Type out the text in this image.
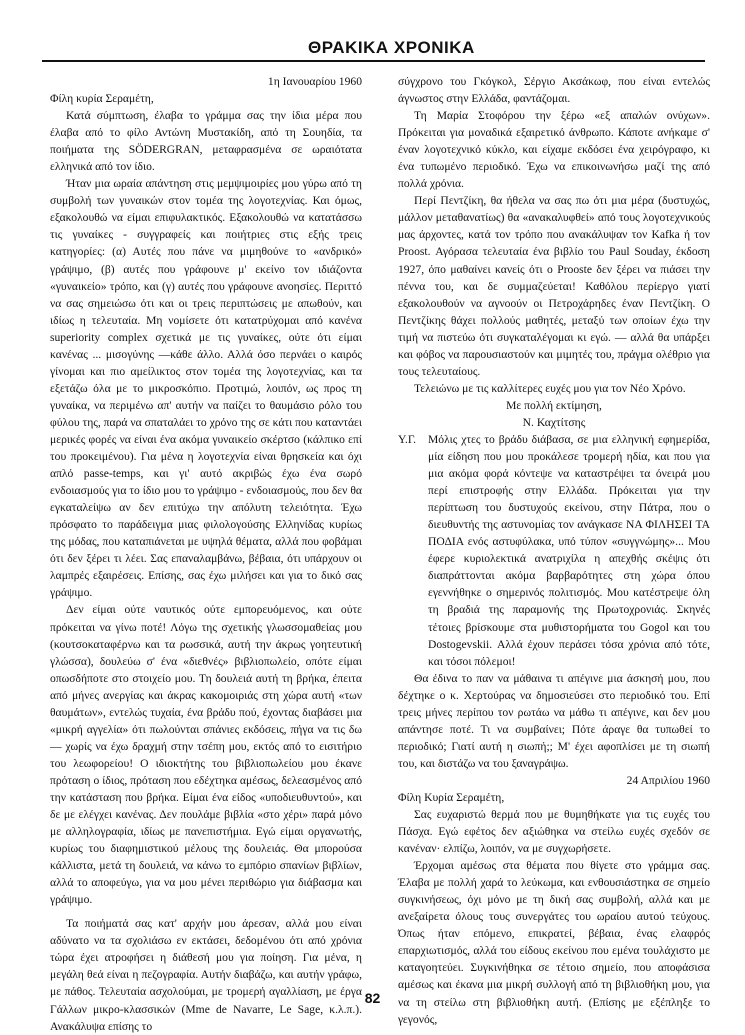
ΘΡΑΚΙΚΑ ΧΡΟΝΙΚΑ

1η Ιανουαρίου 1960

Φίλη κυρία Σεραμέτη,

Κατά σύμπτωση, έλαβα το γράμμα σας την ίδια μέρα που έλαβα από το φίλο Αντώνη Μυστακίδη, από τη Σουηδία, τα ποιήματα της SÖDERGRAN, μεταφρασμένα σε ωραιότατα ελληνικά από τον ίδιο.

Ήταν μια ωραία απάντηση στις μεμψιμοιρίες μου γύρω από τη συμβολή των γυναικών στον τομέα της λογοτεχνίας. Και όμως, εξακολουθώ να είμαι επιφυλακτικός. Εξακολουθώ να κατατάσσω τις γυναίκες - συγγραφείς και ποιήτριες στις εξής τρεις κατηγορίες: (α) Αυτές που πάνε να μιμηθούνε το «ανδρικό» γράψιμο, (β) αυτές που γράφουνε μ' εκείνο τον ιδιάζοντα «γυναικείο» τρόπο, και (γ) αυτές που γράφουνε ανοησίες. Περιττό να σας σημειώσω ότι και οι τρεις περιπτώσεις με απωθούν, και ιδίως η τελευταία. Μη νομίσετε ότι κατατρύχομαι από κανένα superiority complex σχετικά με τις γυναίκες, ούτε ότι είμαι κανένας ... μισογύνης —κάθε άλλο. Αλλά όσο περνάει ο καιρός γίνομαι και πιο αμείλικτος στον τομέα της λογοτεχνίας, και τα εξετάζω όλα με το μικροσκόπιο. Προτιμώ, λοιπόν, ως προς τη γυναίκα, να περιμένω απ' αυτήν να παίζει το θαυμάσιο ρόλο του φύλου της, παρά να σπαταλάει το χρόνο της σε κάτι που καταντάει μερικές φορές να είναι ένα ακόμα γυναικείο σκέρτσο (κάλπικο επί του προκειμένου). Για μένα η λογοτεχνία είναι θρησκεία και όχι απλό passe-temps, και γι' αυτό ακριβώς έχω ένα σωρό ενδοιασμούς για το ίδιο μου το γράψιμο - ενδοιασμούς, που δεν θα εγκαταλείψω αν δεν επιτύχω την απόλυτη τελειότητα. Έχω πρόσφατο το παράδειγμα μιας φιλολογούσης Ελληνίδας κυρίως της μόδας, που καταπιάνεται με υψηλά θέματα, αλλά που φοβάμαι ότι δεν ξέρει τι λέει. Σας επαναλαμβάνω, βέβαια, ότι υπάρχουν οι λαμπρές εξαιρέσεις. Επίσης, σας έχω μιλήσει και για το δικό σας γράψιμο.

Δεν είμαι ούτε ναυτικός ούτε εμπορευόμενος, και ούτε πρόκειται να γίνω ποτέ! Λόγω της σχετικής γλωσσομαθείας μου (κουτσοκαταφέρνω και τα ρωσσικά, αυτή την άκρως γοητευτική γλώσσα), δουλεύω σ' ένα «διεθνές» βιβλιοπωλείο, οπότε είμαι οπωσδήποτε στο στοιχείο μου. Τη δουλειά αυτή τη βρήκα, έπειτα από μήνες ανεργίας και άκρας κακομοιριάς στη χώρα αυτή «των θαυμάτων», εντελώς τυχαία, ένα βράδυ πού, έχοντας διαβάσει μια «μικρή αγγελία» ότι πωλούνται σπάνιες εκδόσεις, πήγα να τις δω — χωρίς να έχω δραχμή στην τσέπη μου, εκτός από το εισιτήριο του λεωφορείου! Ο ιδιοκτήτης του βιβλιοπωλείου μου έκανε πρόταση ο ίδιος, πρόταση που εδέχτηκα αμέσως, δελεασμένος από την κατάσταση που βρήκα. Είμαι ένα είδος «υποδιευθυντού», και δε με ελέγχει κανένας. Δεν πουλάμε βιβλία «στο χέρι» παρά μόνο με αλληλογραφία, ιδίως με πανεπιστήμια. Εγώ είμαι οργανωτής, κυρίως του διαφημιστικού μέλους της δουλειάς. Θα μπορούσα κάλλιστα, μετά τη δουλειά, να κάνω το εμπόριο σπανίων βιβλίων, αλλά το αποφεύγω, για να μου μένει περιθώριο για διάβασμα και γράψιμο.

Τα ποιήματά σας κατ' αρχήν μου άρεσαν, αλλά μου είναι αδύνατο να τα σχολιάσω εν εκτάσει, δεδομένου ότι από χρόνια τώρα έχει ατροφήσει η διάθεσή μου για ποίηση. Για μένα, η μεγάλη θεά είναι η πεζογραφία. Αυτήν διαβάζω, και αυτήν γράφω, με πάθος. Τελευταία ασχολούμαι, με τρομερή αγαλλίαση, με έργα Γάλλων μικρο-κλασσικών (Mme de Navarre, Le Sage, κ.λ.π.). Ανακάλυψα επίσης το

σύγχρονο του Γκόγκολ, Σέργιο Ακσάκωφ, που είναι εντελώς άγνωστος στην Ελλάδα, φαντάζομαι.

Τη Μαρία Στοφόρου την ξέρω «εξ απαλών ονύχων». Πρόκειται για μοναδικά εξαιρετικό άνθρωπο. Κάποτε ανήκαμε σ' έναν λογοτεχνικό κύκλο, και είχαμε εκδόσει ένα χειρόγραφο, κι ένα τυπωμένο περιοδικό. Έχω να επικοινωνήσω μαζί της από πολλά χρόνια.

Περί Πεντζίκη, θα ήθελα να σας πω ότι μια μέρα (δυστυχώς, μάλλον μεταθανατίως) θα «ανακαλυφθεί» από τους λογοτεχνικούς μας άρχοντες, κατά τον τρόπο που ανακάλυψαν τον Kafka ή τον Proost. Αγόρασα τελευταία ένα βιβλίο του Paul Souday, έκδοση 1927, όπο μαθαίνει κανείς ότι ο Prooste δεν ξέρει να πιάσει την πέννα του, και δε συμμαζεύεται! Καθόλου περίεργο γιατί εξακολουθούν να αγνοούν οι Πετροχάρηδες έναν Πεντζίκη. Ο Πεντζίκης θάχει πολλούς μαθητές, μεταξύ των οποίων έχω την τιμή να πιστεύω ότι συγκαταλέγομαι κι εγώ. — αλλά θα υπάρξει και φόβος να παρουσιαστούν και μιμητές του, πράγμα ολέθριο για τους τελευταίους.

Τελειώνω με τις καλλίτερες ευχές μου για τον Νέο Χρόνο.

Με πολλή εκτίμηση,

Ν. Καχτίτσης

Υ.Γ. Μόλις χτες το βράδυ διάβασα, σε μια ελληνική εφημερίδα, μία είδηση που μου προκάλεσε τρομερή ηδία, και που για μια ακόμα φορά κόντεψε να καταστρέψει τα όνειρά μου περί επιστροφής στην Ελλάδα. Πρόκειται για την περίπτωση του δυστυχούς εκείνου, στην Πάτρα, που ο διευθυντής της αστυνομίας τον ανάγκασε ΝΑ ΦΙΛΗΣΕΙ ΤΑ ΠΟΔΙΑ ενός αστυφύλακα, υπό τύπον «συγγνώμης»... Μου έφερε κυριολεκτικά ανατριχίλα η απεχθής σκέψις ότι διαπράττονται ακόμα βαρβαρότητες στη χώρα όπου εγεννήθηκε ο σημερινός πολιτισμός. Μου κατέστρεψε όλη τη βραδιά της παραμονής της Πρωτοχρονιάς. Σκηνές τέτοιες βρίσκουμε στα μυθιστορήματα του Gogol και του Dostogevskii. Αλλά έχουν περάσει τόσα χρόνια από τότε, και τόσοι πόλεμοι!

Θα έδινα το παν να μάθαινα τι απέγινε μια άσκησή μου, που δέχτηκε ο κ. Χερτούρας να δημοσιεύσει στο περιοδικό του. Επί τρεις μήνες περίπου τον ρωτάω να μάθω τι απέγινε, και δεν μου απάντησε ποτέ. Τι να συμβαίνει; Πότε άραγε θα τυπωθεί το περιοδικό; Γιατί αυτή η σιωπή;; Μ' έχει αφοπλίσει με τη σιωπή του, και διστάζω να του ξαναγράψω.

24 Απριλίου 1960

Φίλη Κυρία Σεραμέτη,

Σας ευχαριστώ θερμά που με θυμηθήκατε για τις ευχές του Πάσχα. Εγώ εφέτος δεν αξιώθηκα να στείλω ευχές σχεδόν σε κανέναν· ελπίζω, λοιπόν, να με συγχωρήσετε.

Έρχομαι αμέσως στα θέματα που θίγετε στο γράμμα σας. Έλαβα με πολλή χαρά το λεύκωμα, και ενθουσιάστηκα σε σημείο συγκινήσεως, όχι μόνο με τη δική σας συμβολή, αλλά και με ανεξαίρετα όλους τους συνεργάτες του ωραίου αυτού τεύχους. Όπως ήταν επόμενο, επικρατεί, βέβαια, ένας ελαφρός επαρχιωτισμός, αλλά του είδους εκείνου που εμένα τουλάχιστο με καταγοητεύει. Συγκινήθηκα σε τέτοιο σημείο, που αποφάσισα αμέσως και έκανα μια μικρή συλλογή από τη βιβλιοθήκη μου, για να τη στείλω στη βιβλιοθήκη αυτή. (Επίσης με εξέπληξε το γεγονός,

82
